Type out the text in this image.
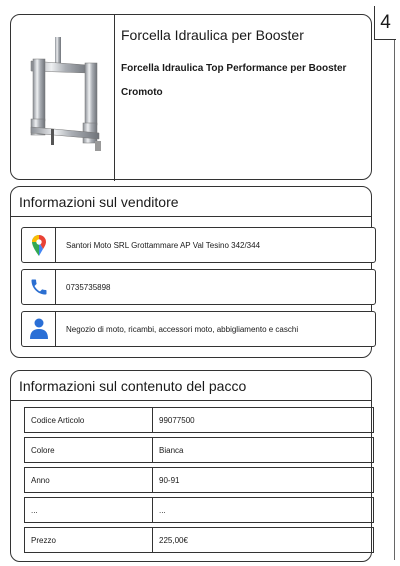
4
Forcella Idraulica per Booster
Forcella Idraulica Top Performance per Booster Cromoto
Informazioni sul venditore
Santori Moto SRL Grottammare AP Val Tesino 342/344
0735735898
Negozio di moto, ricambi, accessori moto, abbigliamento e caschi
Informazioni sul contenuto del pacco
Codice Articolo	99077500
Colore	Bianca
Anno	90-91
...	...
Prezzo	225,00€
